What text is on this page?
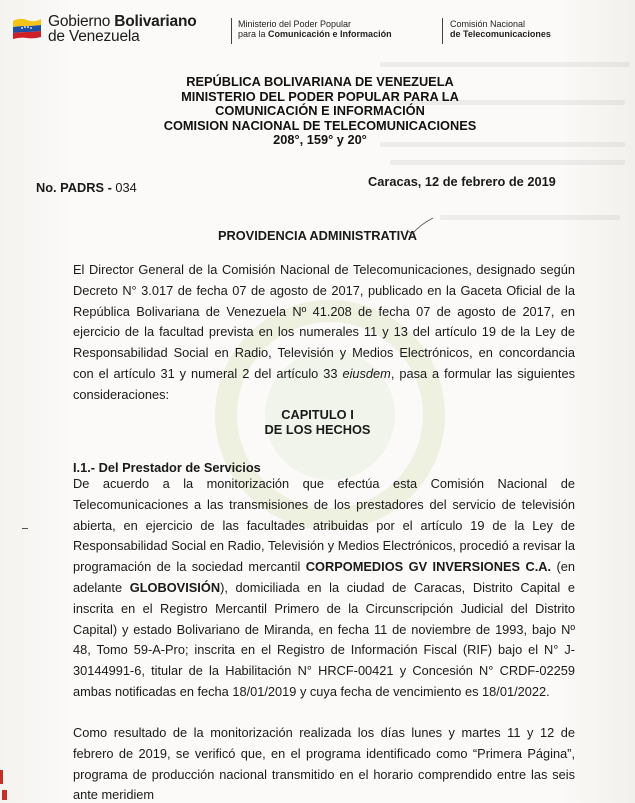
Gobierno Bolivariano
de Venezuela
Ministerio del Poder Popular
para la Comunicación e Información
Comisión Nacional
de Telecomunicaciones
REPÚBLICA BOLIVARIANA DE VENEZUELA
MINISTERIO DEL PODER POPULAR PARA LA
COMUNICACIÓN E INFORMACIÓN
COMISION NACIONAL DE TELECOMUNICACIONES
208°, 159° y 20°
No. PADRS - 034	Caracas, 12 de febrero de 2019
PROVIDENCIA ADMINISTRATIVA
El Director General de la Comisión Nacional de Telecomunicaciones, designado según Decreto N° 3.017 de fecha 07 de agosto de 2017, publicado en la Gaceta Oficial de la República Bolivariana de Venezuela Nº 41.208 de fecha 07 de agosto de 2017, en ejercicio de la facultad prevista en los numerales 11 y 13 del artículo 19 de la Ley de Responsabilidad Social en Radio, Televisión y Medios Electrónicos, en concordancia con el artículo 31 y numeral 2 del artículo 33 eiusdem, pasa a formular las siguientes consideraciones:
CAPITULO I
DE LOS HECHOS
I.1.- Del Prestador de Servicios
De acuerdo a la monitorización que efectúa esta Comisión Nacional de Telecomunicaciones a las transmisiones de los prestadores del servicio de televisión abierta, en ejercicio de las facultades atribuidas por el artículo 19 de la Ley de Responsabilidad Social en Radio, Televisión y Medios Electrónicos, procedió a revisar la programación de la sociedad mercantil CORPOMEDIOS GV INVERSIONES C.A. (en adelante GLOBOVISIÓN), domiciliada en la ciudad de Caracas, Distrito Capital e inscrita en el Registro Mercantil Primero de la Circunscripción Judicial del Distrito Capital) y estado Bolivariano de Miranda, en fecha 11 de noviembre de 1993, bajo Nº 48, Tomo 59-A-Pro; inscrita en el Registro de Información Fiscal (RIF) bajo el N° J-30144991-6, titular de la Habilitación N° HRCF-00421 y Concesión N° CRDF-02259 ambas notificadas en fecha 18/01/2019 y cuya fecha de vencimiento es 18/01/2022.
Como resultado de la monitorización realizada los días lunes y martes 11 y 12 de febrero de 2019, se verificó que, en el programa identificado como “Primera Página”, programa de producción nacional transmitido en el horario comprendido entre las seis ante meridiem
